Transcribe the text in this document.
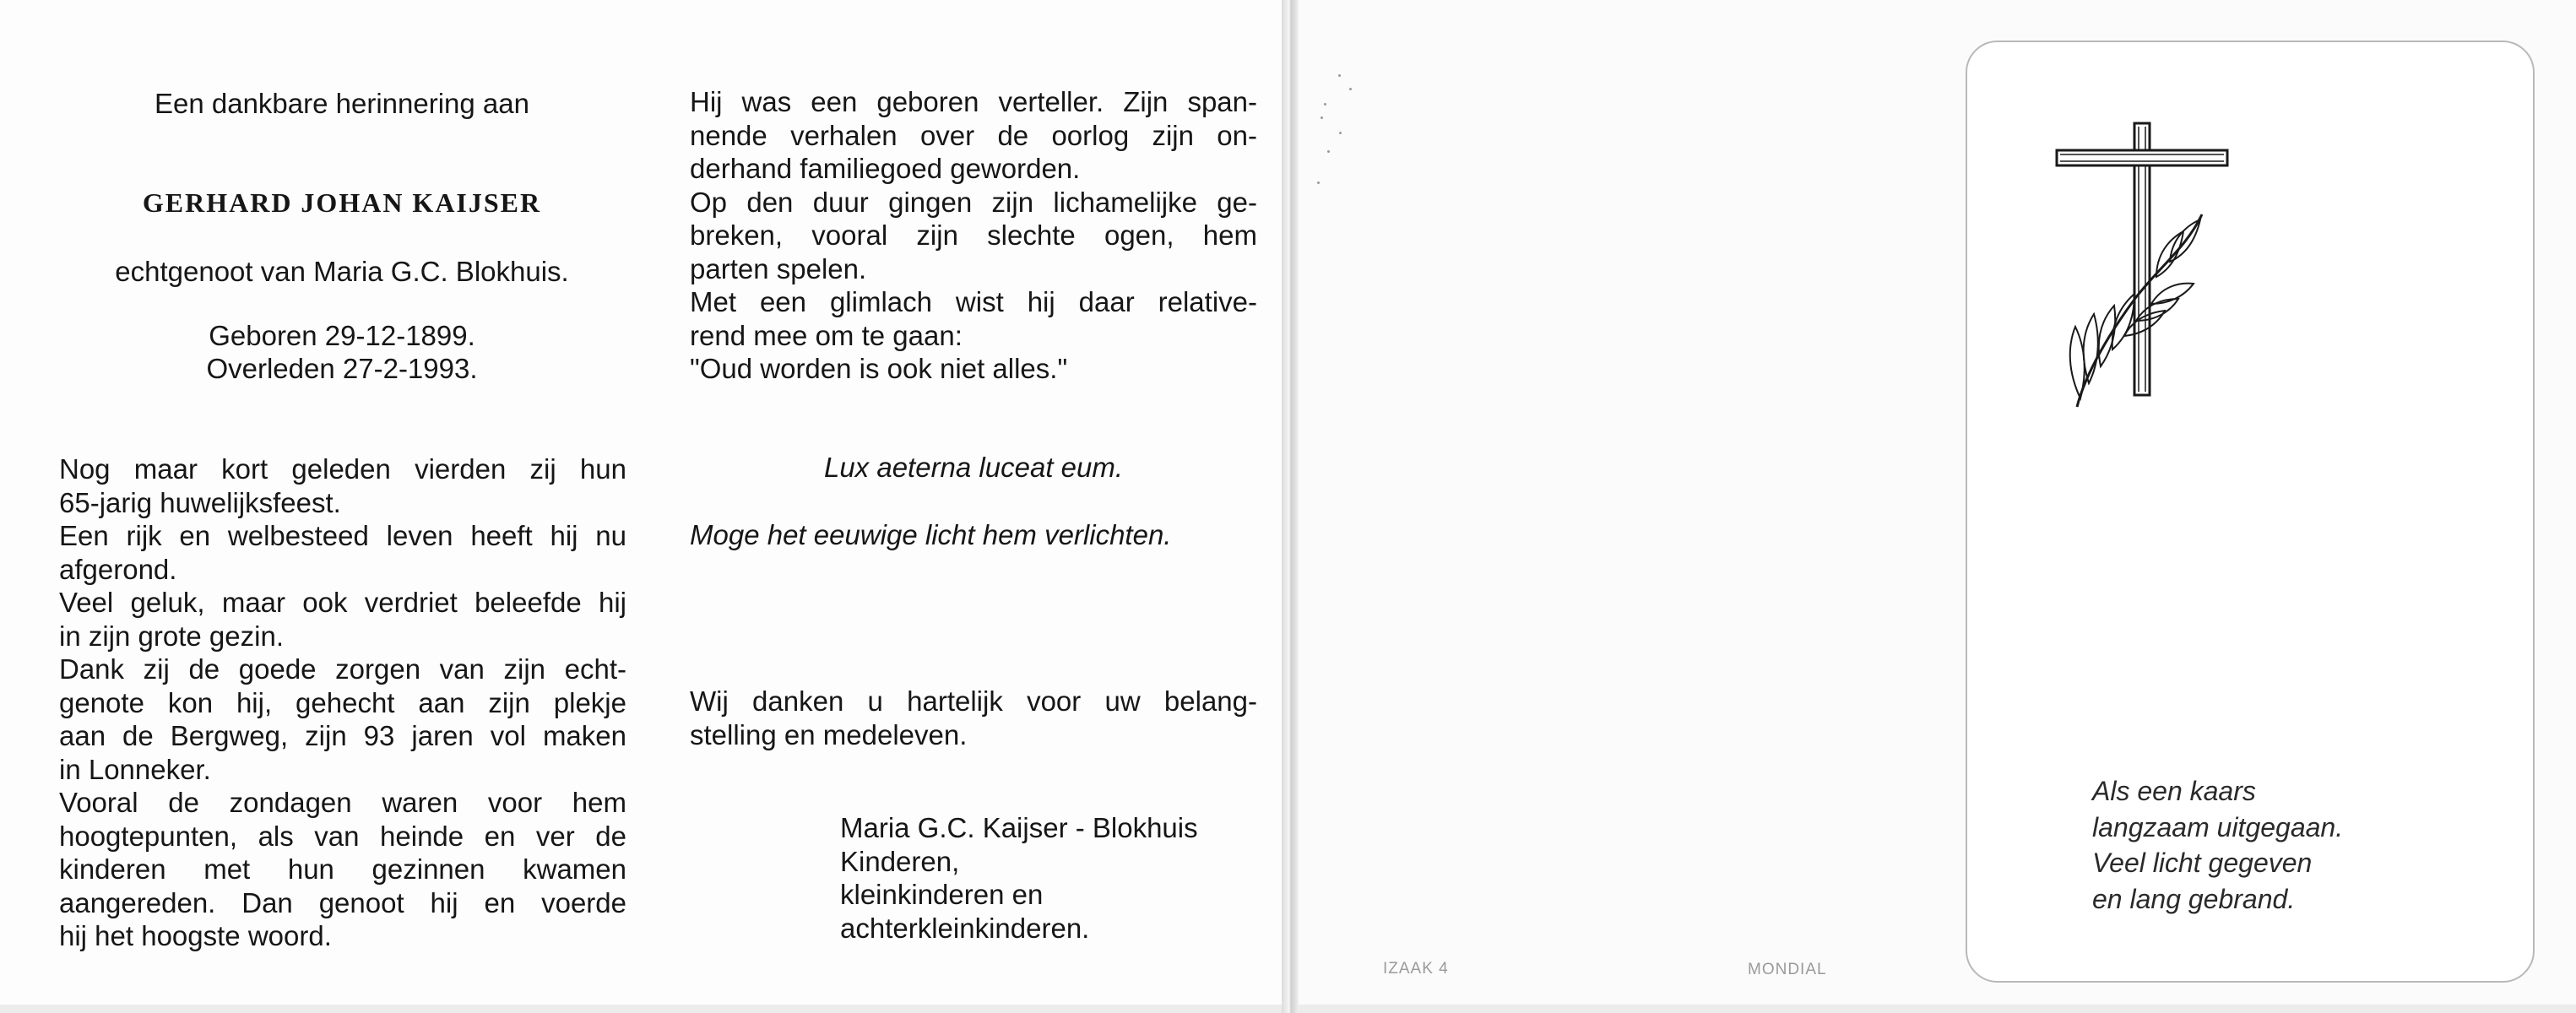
Een dankbare herinnering aan

GERHARD JOHAN KAIJSER

echtgenoot van Maria G.C. Blokhuis.

Geboren 29-12-1899.

Overleden 27-2-1993.

Nog maar kort geleden vierden zij hun
65-jarig huwelijksfeest.
Een rijk en welbesteed leven heeft hij nu
afgerond.
Veel geluk, maar ook verdriet beleefde hij
in zijn grote gezin.
Dank zij de goede zorgen van zijn echt-
genote kon hij, gehecht aan zijn plekje
aan de Bergweg, zijn 93 jaren vol maken
in Lonneker.
Vooral de zondagen waren voor hem
hoogtepunten, als van heinde en ver de
kinderen met hun gezinnen kwamen
aangereden. Dan genoot hij en voerde
hij het hoogste woord.
Hij was een geboren verteller. Zijn span-
nende verhalen over de oorlog zijn on-
derhand familiegoed geworden.
Op den duur gingen zijn lichamelijke ge-
breken, vooral zijn slechte ogen, hem
parten spelen.
Met een glimlach wist hij daar relative-
rend mee om te gaan:
"Oud worden is ook niet alles."

Lux aeterna luceat eum.

Moge het eeuwige licht hem verlichten.

Wij danken u hartelijk voor uw belang-
stelling en medeleven.
Maria G.C. Kaijser - Blokhuis
Kinderen,
kleinkinderen en
achterkleinkinderen.
IZAAK 4	MONDIAL
Als een kaars
langzaam uitgegaan.
Veel licht gegeven
en lang gebrand.
